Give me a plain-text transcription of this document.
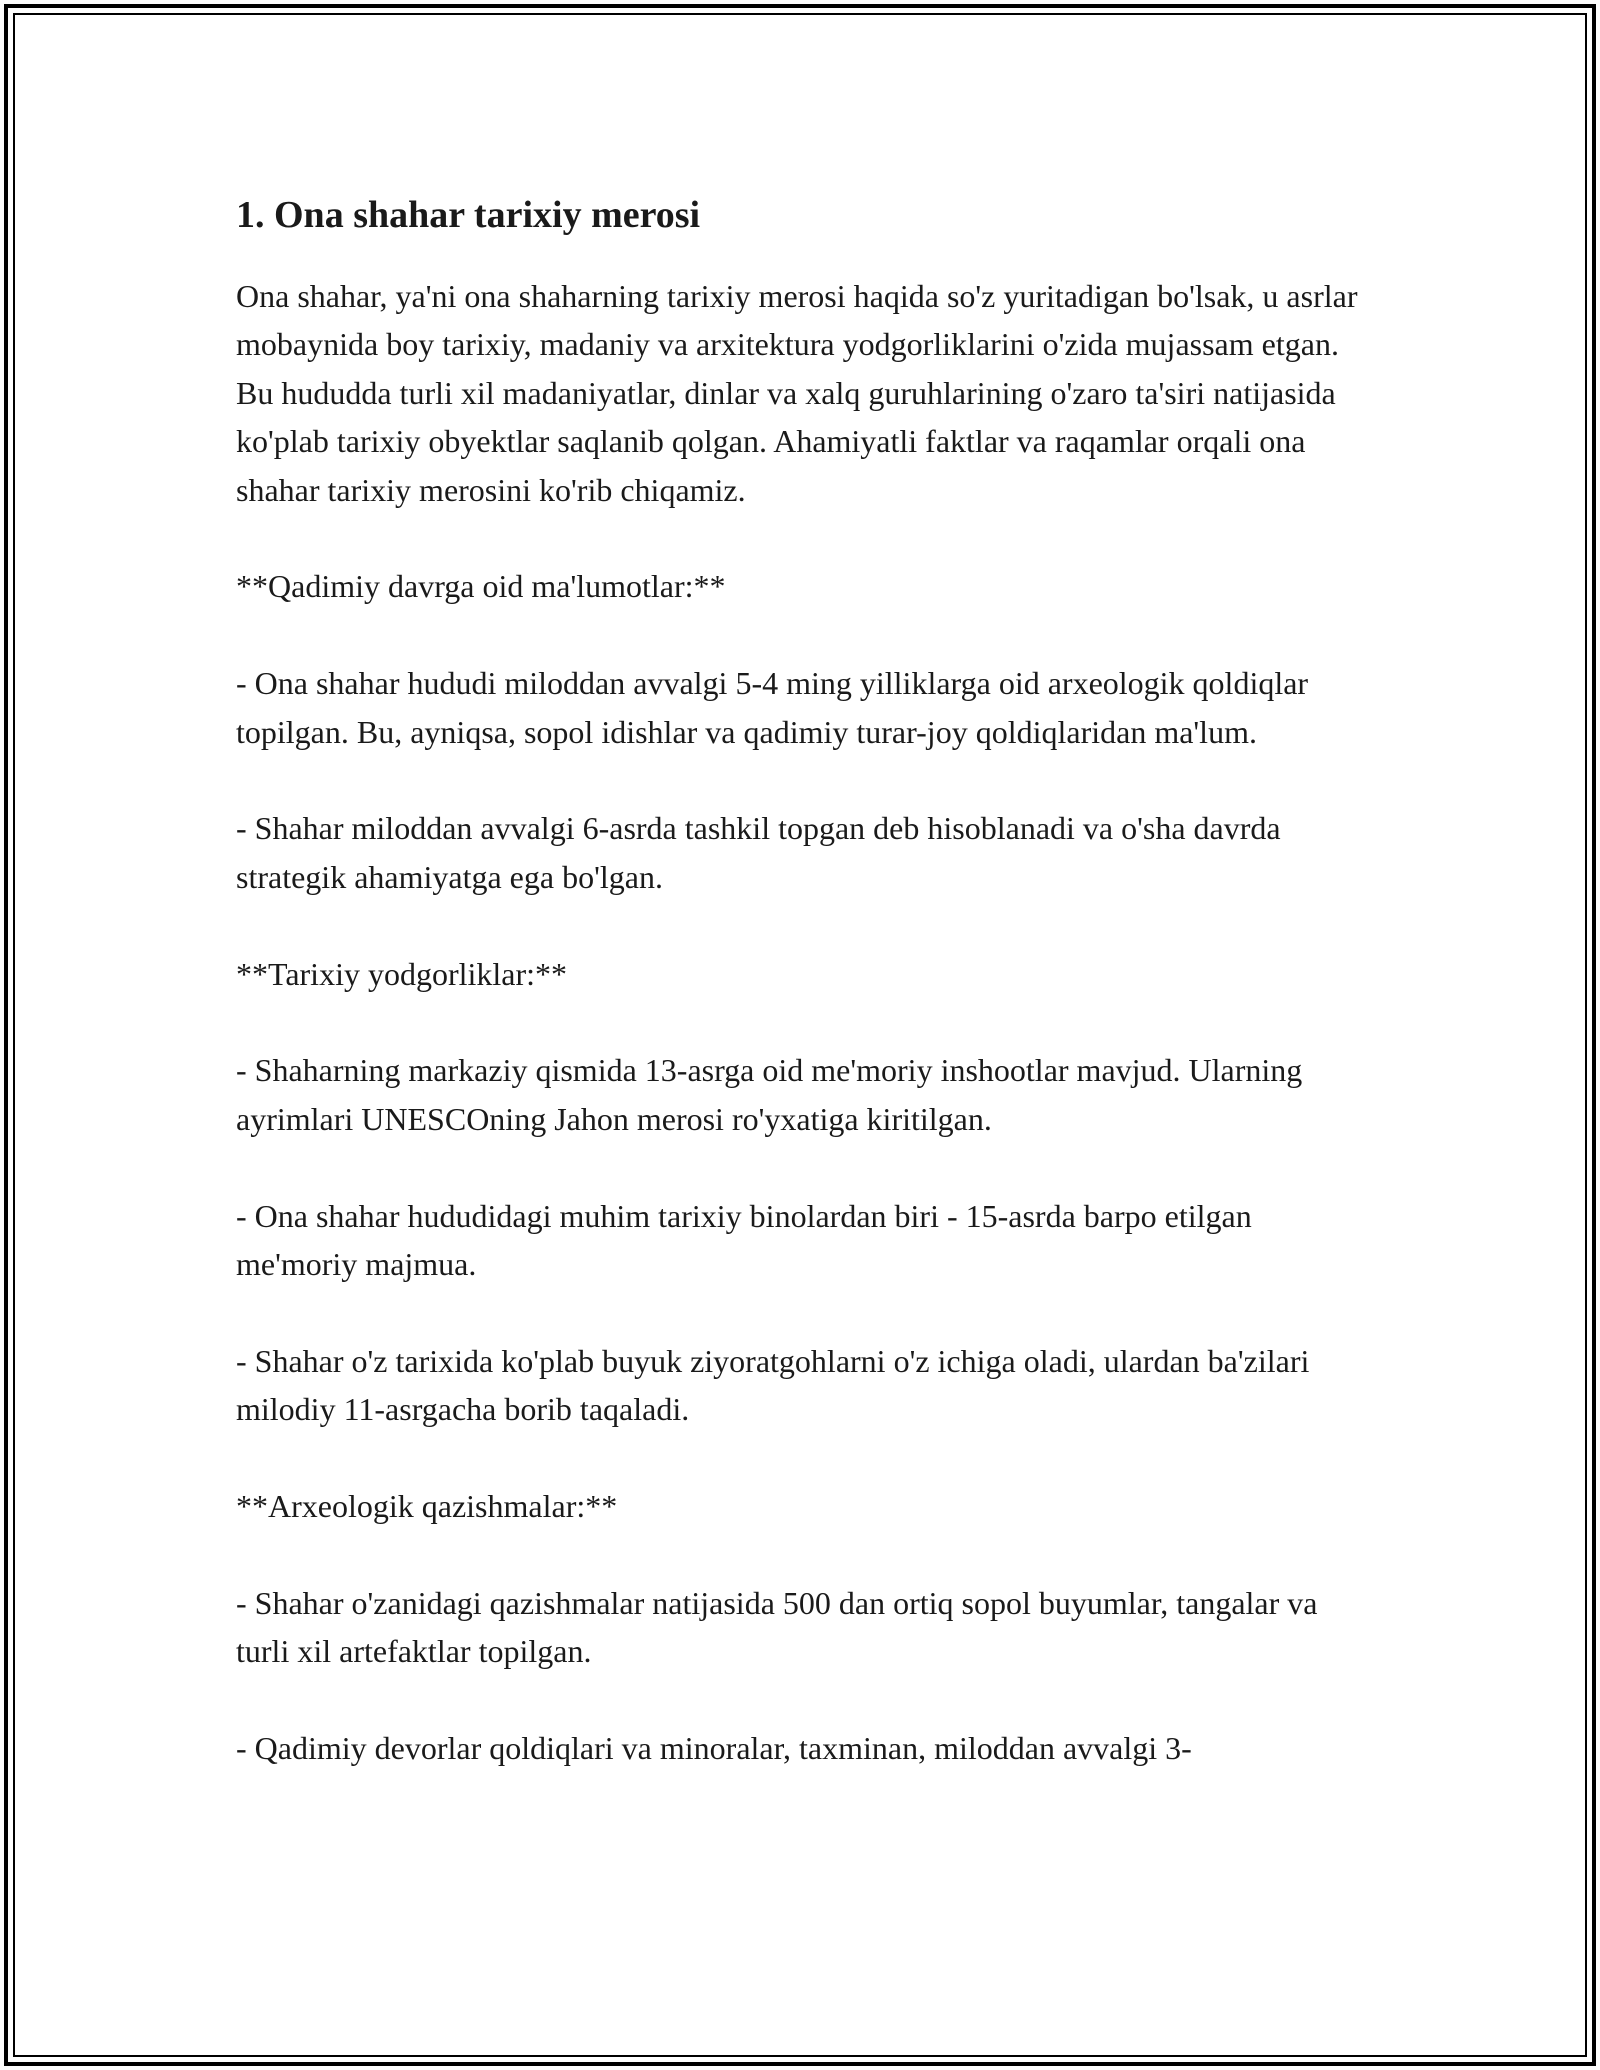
1. Ona shahar tarixiy merosi

Ona shahar, ya'ni ona shaharning tarixiy merosi haqida so'z yuritadigan bo'lsak, u asrlar mobaynida boy tarixiy, madaniy va arxitektura yodgorliklarini o'zida mujassam etgan. Bu hududda turli xil madaniyatlar, dinlar va xalq guruhlarining o'zaro ta'siri natijasida ko'plab tarixiy obyektlar saqlanib qolgan. Ahamiyatli faktlar va raqamlar orqali ona shahar tarixiy merosini ko'rib chiqamiz.

**Qadimiy davrga oid ma'lumotlar:**

- Ona shahar hududi miloddan avvalgi 5-4 ming yilliklarga oid arxeologik qoldiqlar topilgan. Bu, ayniqsa, sopol idishlar va qadimiy turar-joy qoldiqlaridan ma'lum.

- Shahar miloddan avvalgi 6-asrda tashkil topgan deb hisoblanadi va o'sha davrda strategik ahamiyatga ega bo'lgan.

**Tarixiy yodgorliklar:**

- Shaharning markaziy qismida 13-asrga oid me'moriy inshootlar mavjud. Ularning ayrimlari UNESCOning Jahon merosi ro'yxatiga kiritilgan.

- Ona shahar hududidagi muhim tarixiy binolardan biri - 15-asrda barpo etilgan me'moriy majmua.

- Shahar o'z tarixida ko'plab buyuk ziyoratgohlarni o'z ichiga oladi, ulardan ba'zilari milodiy 11-asrgacha borib taqaladi.

**Arxeologik qazishmalar:**

- Shahar o'zanidagi qazishmalar natijasida 500 dan ortiq sopol buyumlar, tangalar va turli xil artefaktlar topilgan.

- Qadimiy devorlar qoldiqlari va minoralar, taxminan, miloddan avvalgi 3-
